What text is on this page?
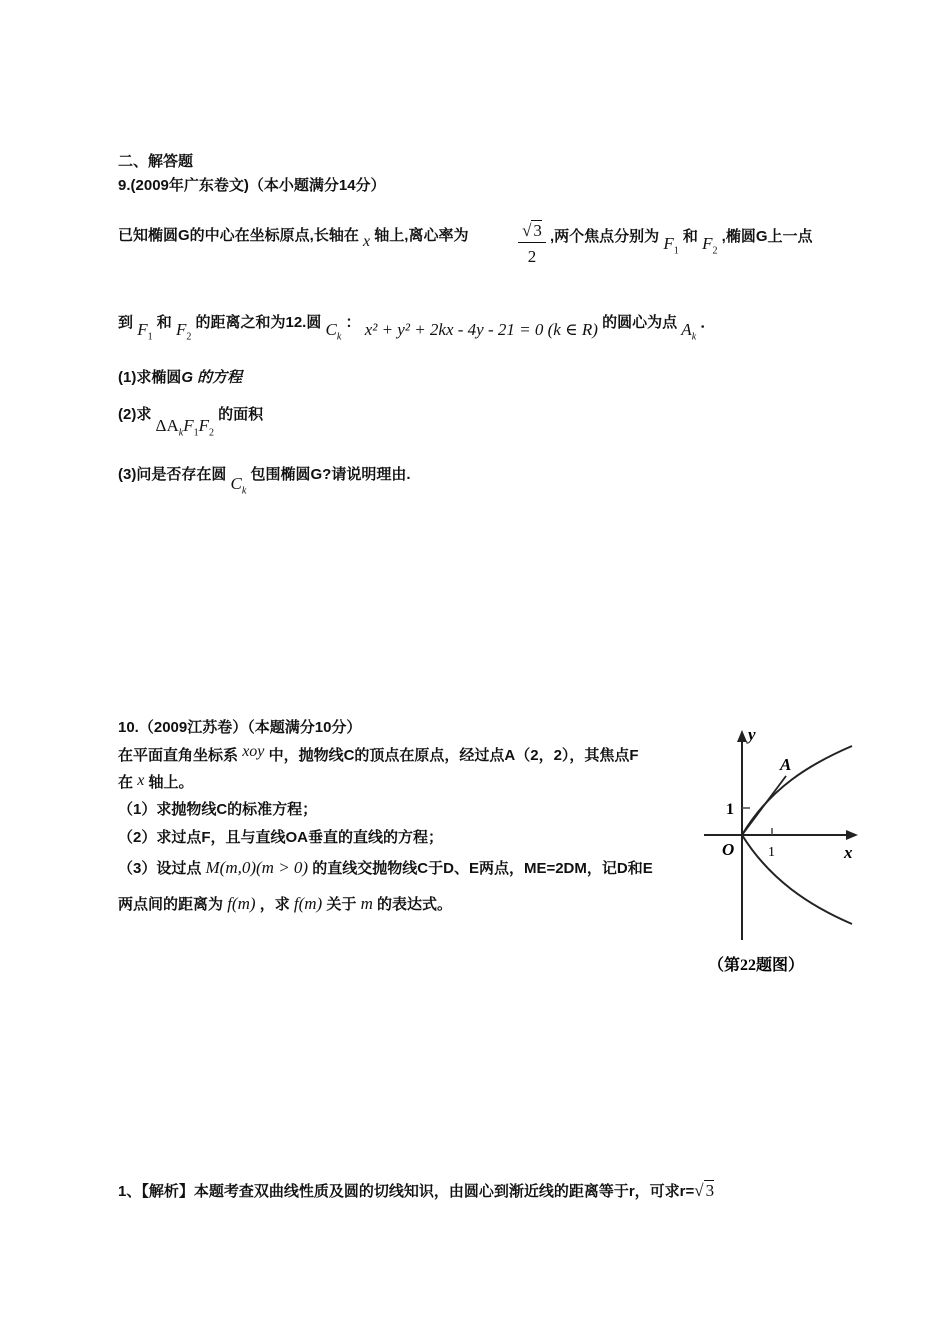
二、解答题
9.(2009年广东卷文)（本小题满分14分）
已知椭圆G的中心在坐标原点,长轴在 x 轴上,离心率为	$\frac{√ 3}{2}$ ,两个焦点分别为 $F_1$ 和 $F_2$ ,椭圆G上一点
到 $F_1$ 和 $F_2$ 的距离之和为12.圆 $C_k$ ： x² + y² + 2kx - 4y - 21 = 0 (k ∈ R) 的圆心为点 $A_k$ ．
(1)求椭圆G 的方程
(2)求 $\Delta A_kF_1F_2$ 的面积
(3)问是否存在圆 $C_k$ 包围椭圆G?请说明理由.
10.（2009江苏卷）（本题满分10分）
在平面直角坐标系 xoy 中，抛物线C的顶点在原点，经过点A（2，2），其焦点F
在 x 轴上。
（1）求抛物线C的标准方程；
（2）求过点F，且与直线OA垂直的直线的方程；
（3）设过点 M(m,0)(m > 0) 的直线交抛物线C于D、E两点，ME=2DM，记D和E
两点间的距离为 f(m) ，求 f(m) 关于 m 的表达式。
y
x
A
1
1
O
（第22题图）
1、【解析】本题考查双曲线性质及圆的切线知识，由圆心到渐近线的距离等于r，可求r=√ 3
